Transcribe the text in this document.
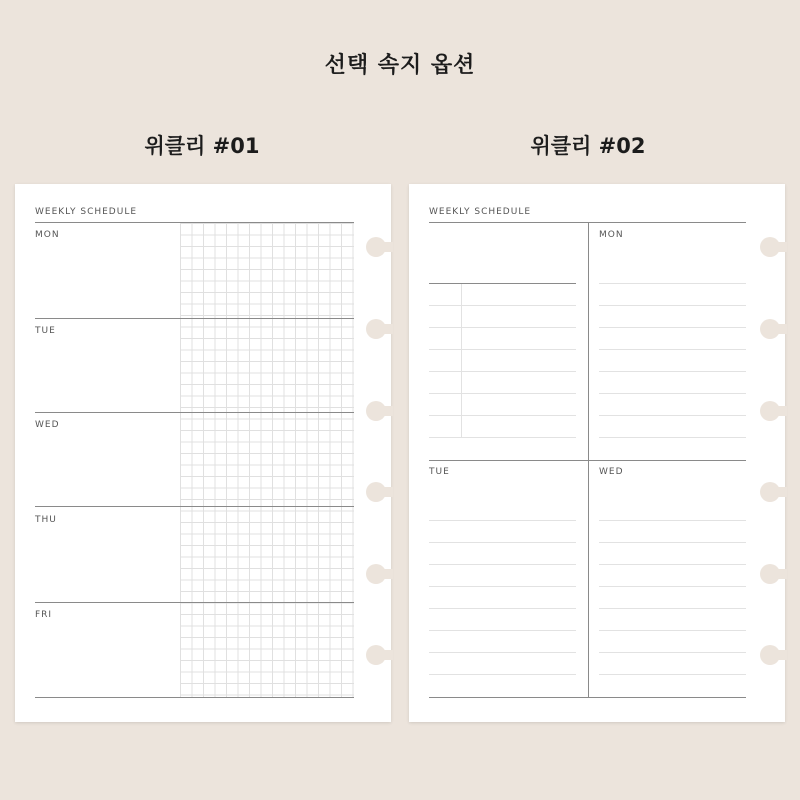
선택 속지 옵션
위클리 #01	위클리 #02
WEEKLY SCHEDULE
MON
TUE
WED
THU
FRI
WEEKLY SCHEDULE
MON
TUE	WED
